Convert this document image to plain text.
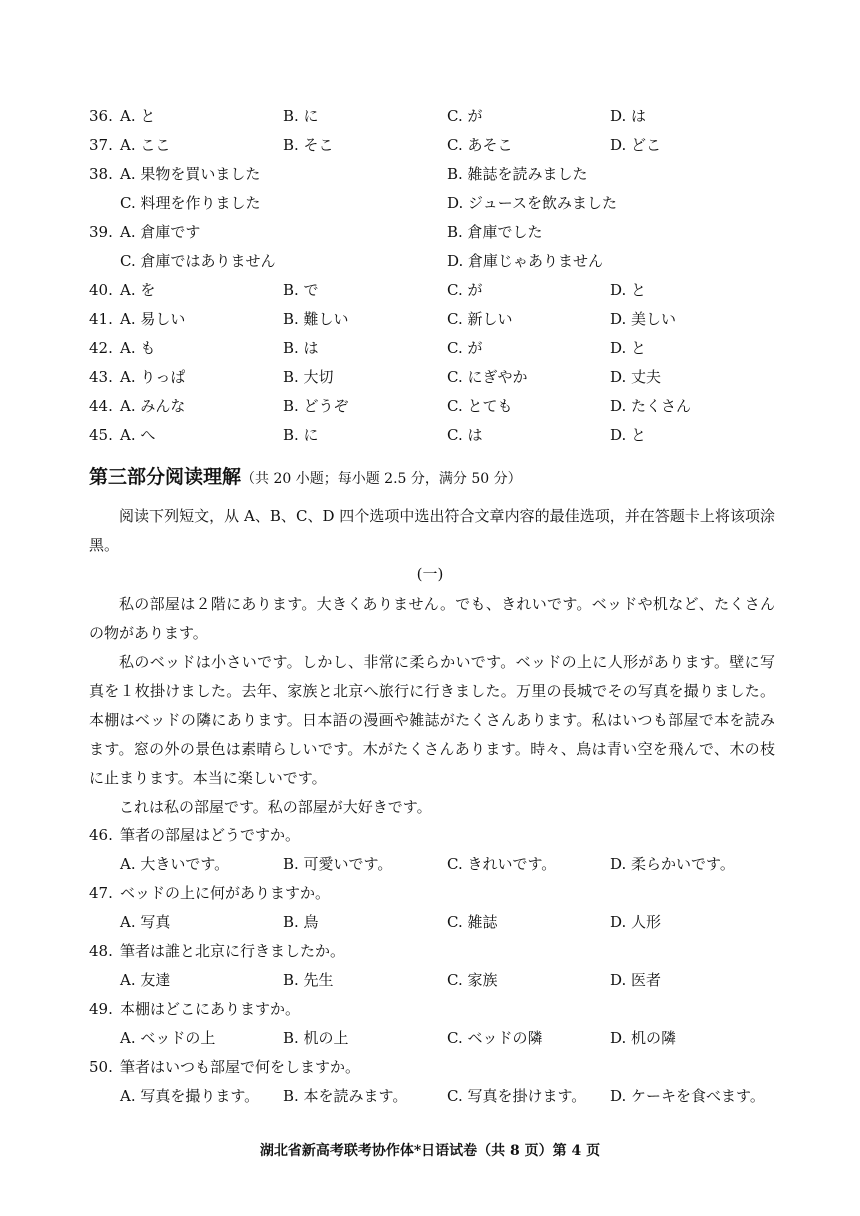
36. A. と	B. に	C. が	D. は
37. A. ここ	B. そこ	C. あそこ	D. どこ
38. A. 果物を買いました	B. 雑誌を読みました
C. 料理を作りました	D. ジュースを飲みました
39. A. 倉庫です	B. 倉庫でした
C. 倉庫ではありません	D. 倉庫じゃありません
40. A. を	B. で	C. が	D. と
41. A. 易しい	B. 難しい	C. 新しい	D. 美しい
42. A. も	B. は	C. が	D. と
43. A. りっぱ	B. 大切	C. にぎやか	D. 丈夫
44. A. みんな	B. どうぞ	C. とても	D. たくさん
45. A. へ	B. に	C. は	D. と
第三部分阅读理解（共 20 小题；每小题 2.5 分，满分 50 分）
阅读下列短文，从 A、B、C、D 四个选项中选出符合文章内容的最佳选项，并在答题卡上将该项涂黑。
(一)
私の部屋は２階にあります。大きくありません。でも、きれいです。ベッドや机など、たくさんの物があります。
私のベッドは小さいです。しかし、非常に柔らかいです。ベッドの上に人形があります。壁に写真を１枚掛けました。去年、家族と北京へ旅行に行きました。万里の長城でその写真を撮りました。本棚はベッドの隣にあります。日本語の漫画や雑誌がたくさんあります。私はいつも部屋で本を読みます。窓の外の景色は素晴らしいです。木がたくさんあります。時々、鳥は青い空を飛んで、木の枝に止まります。本当に楽しいです。
これは私の部屋です。私の部屋が大好きです。
46. 筆者の部屋はどうですか。
A. 大きいです。	B. 可愛いです。	C. きれいです。	D. 柔らかいです。
47. ベッドの上に何がありますか。
A. 写真	B. 鳥	C. 雑誌	D. 人形
48. 筆者は誰と北京に行きましたか。
A. 友達	B. 先生	C. 家族	D. 医者
49. 本棚はどこにありますか。
A. ベッドの上	B. 机の上	C. ベッドの隣	D. 机の隣
50. 筆者はいつも部屋で何をしますか。
A. 写真を撮ります。 B. 本を読みます。	C. 写真を掛けます。 D. ケーキを食べます。
湖北省新高考联考协作体*日语试卷（共 8 页）第 4 页
